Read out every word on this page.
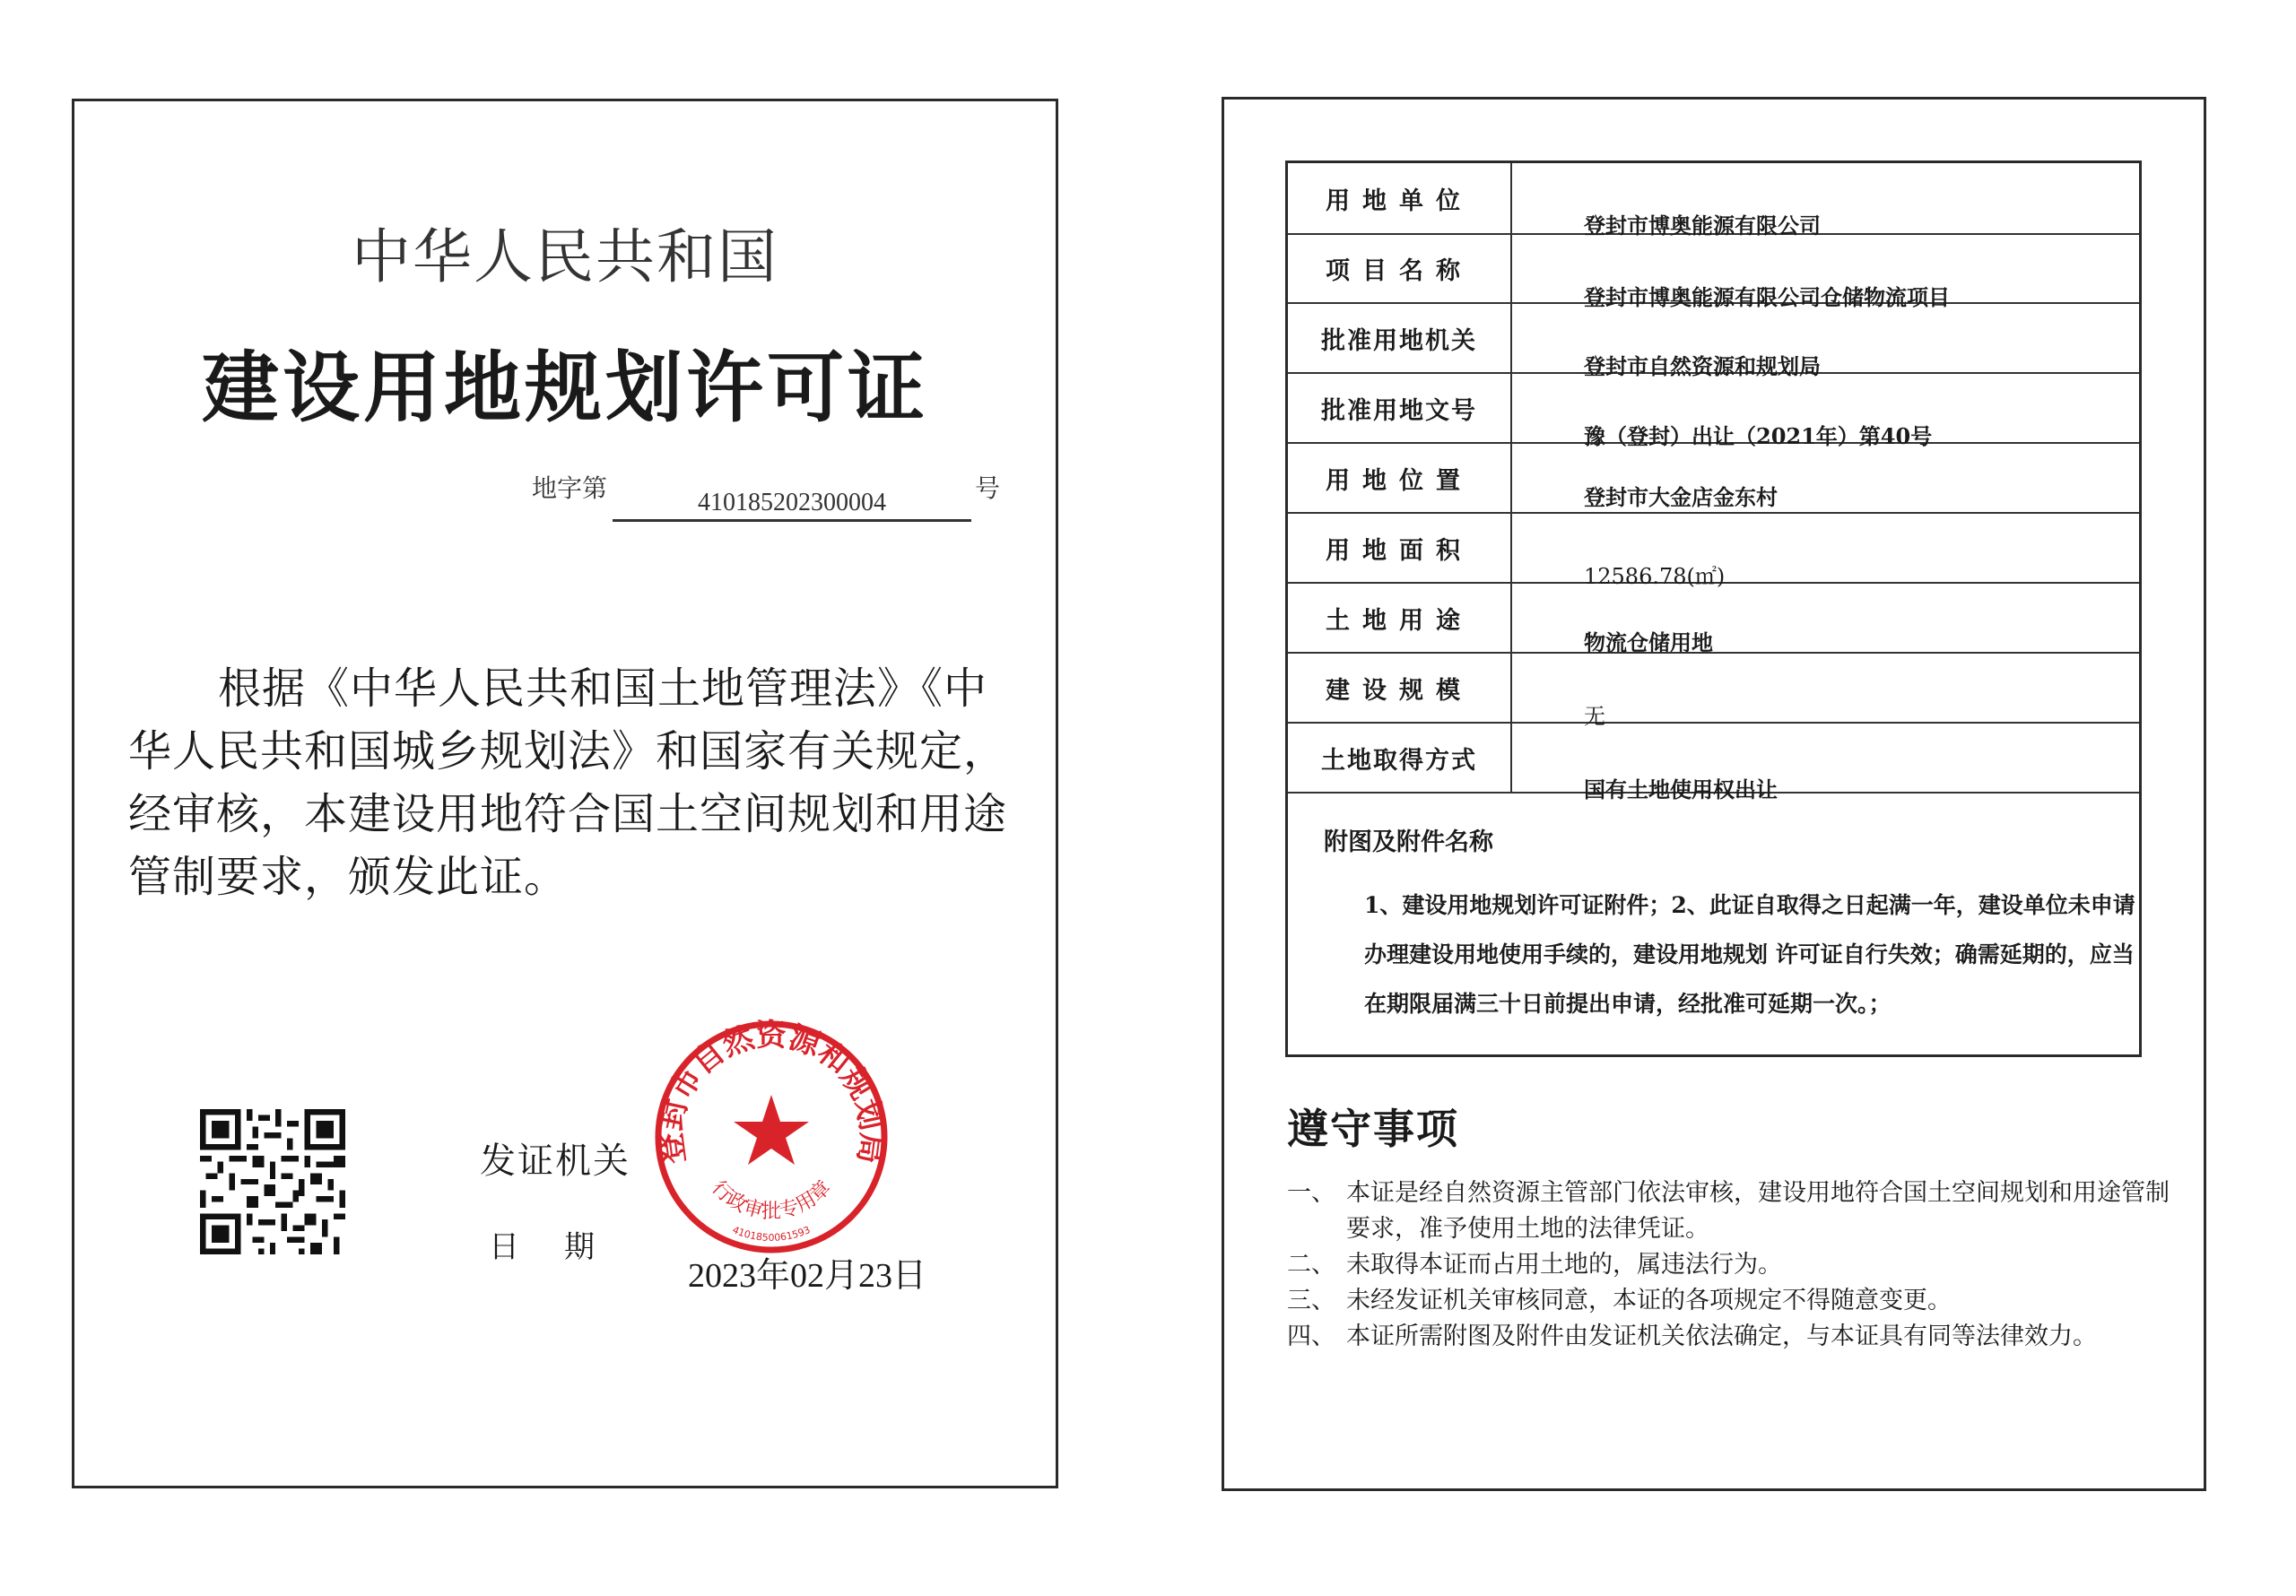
中华人民共和国
建设用地规划许可证
地字第	410185202300004	号
根据《中华人民共和国土地管理法》《中华人民共和国城乡规划法》和国家有关规定，经审核，本建设用地符合国土空间规划和用途管制要求，颁发此证。
发证机关
日期
登封市自然资源和规划局
行政审批专用章
4101850061593
2023年02月23日
用地单位
登封市博奥能源有限公司
项目名称
登封市博奥能源有限公司仓储物流项目
批准用地机关
登封市自然资源和规划局
批准用地文号
豫（登封）出让（2021年）第40号
用地位置
登封市大金店金东村
用地面积
12586.78(㎡)
土地用途
物流仓储用地
建设规模
无
土地取得方式
国有土地使用权出让
附图及附件名称
1、建设用地规划许可证附件；2、此证自取得之日起满一年，建设单位未申请办理建设用地使用手续的，建设用地规划 许可证自行失效；确需延期的，应当在期限届满三十日前提出申请，经批准可延期一次。；
遵守事项
一、 本证是经自然资源主管部门依法审核，建设用地符合国土空间规划和用途管制要求，准予使用土地的法律凭证。
二、 未取得本证而占用土地的，属违法行为。
三、 未经发证机关审核同意，本证的各项规定不得随意变更。
四、 本证所需附图及附件由发证机关依法确定，与本证具有同等法律效力。
